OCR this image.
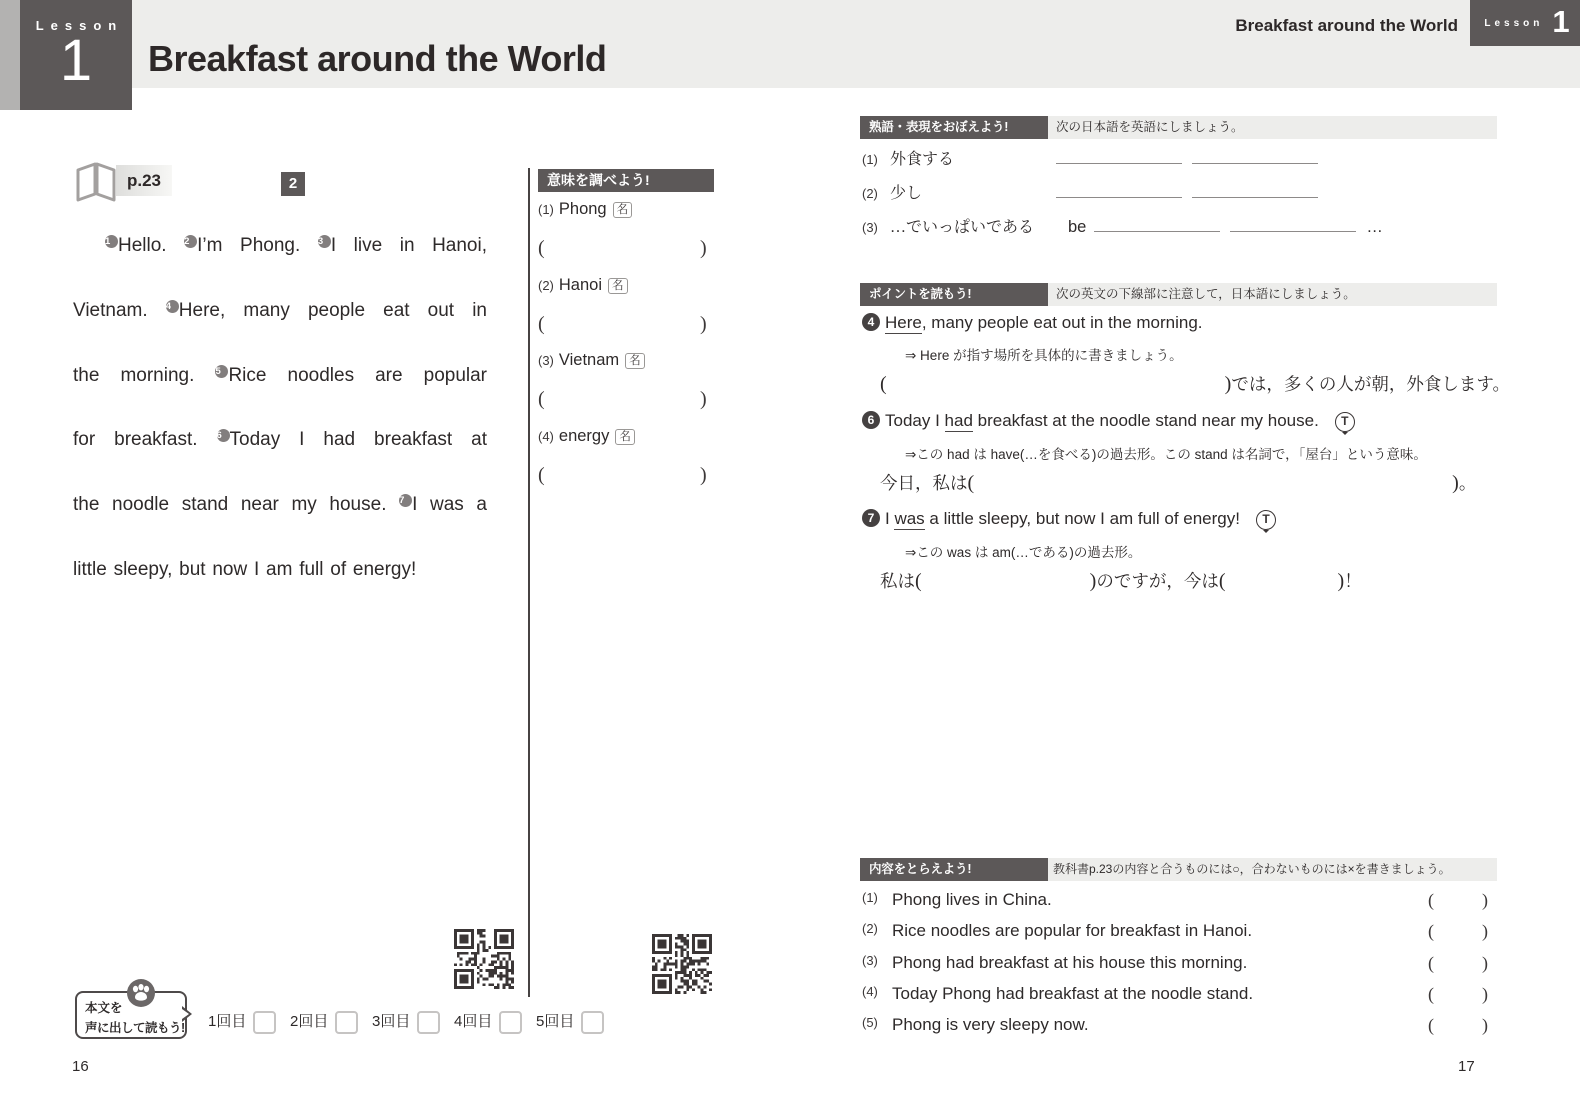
Lesson
1	Breakfast around the World
Breakfast around the World	Lesson 1
p.23	2
1 Hello. 2 I’m Phong. 3 I live in Hanoi,
Vietnam. 4 Here, many people eat out in
the morning. 5 Rice noodles are popular
for breakfast. 6 Today I had breakfast at
the noodle stand near my house. 7 I was a
little sleepy, but now I am full of energy!
意味を調べよう!
(1) Phong 名
(	)
(2) Hanoi 名
(	)
(3) Vietnam 名
(	)
(4) energy 名
(	)
次の日本語を英語にしましょう。
熟語・表現をおぼえよう!
(1) 外食する
(2) 少し
(3) …でいっぱいである be	…
次の英文の下線部に注意して，日本語にしましょう。
ポイントを読もう!
4 Here, many people eat out in the morning.
⇒ Here が指す場所を具体的に書きましょう。
(	)では，多くの人が朝，外食します。
6 Today I had breakfast at the noodle stand near my house. T
⇒この had は have(…を食べる)の過去形。この stand は名詞で，「屋台」という意味。
今日，私は(	)。
7 I was a little sleepy, but now I am full of energy! T
⇒この was は am(…である)の過去形。
私は(	)のですが，今は(	)！
教科書p.23の内容と合うものには○，合わないものには×を書きましょう。
内容をとらえよう!
(1) Phong lives in China.	(	)
(2) Rice noodles are popular for breakfast in Hanoi.	(	)
(3) Phong had breakfast at his house this morning.	(	)
(4) Today Phong had breakfast at the noodle stand.	(	)
(5) Phong is very sleepy now.	(	)
本文を
声に出して読もう! 1回目	2回目	3回目	4回目	5回目
16	17
